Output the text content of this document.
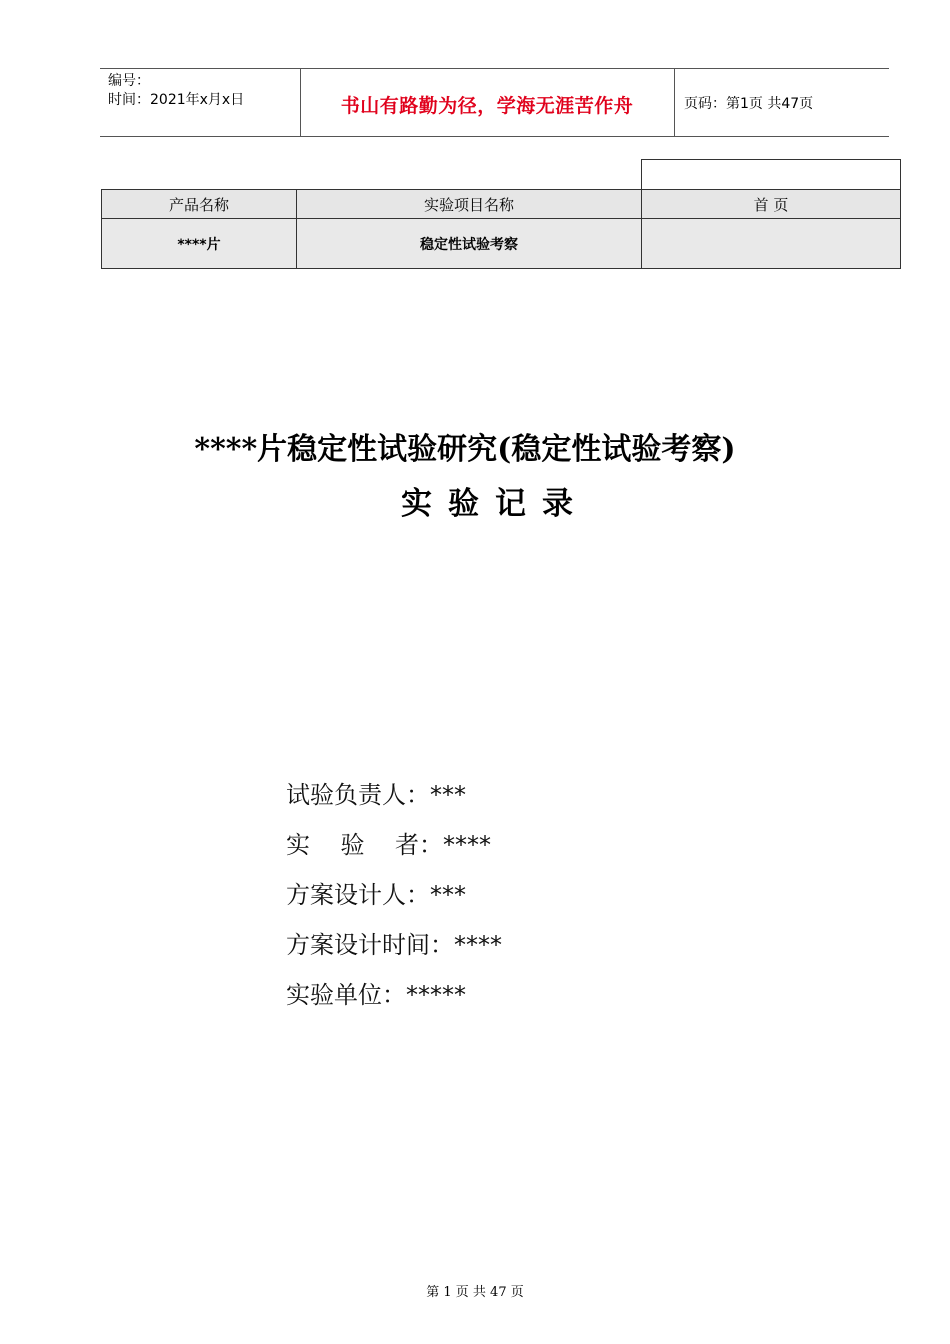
编号：
时间：2021年x月x日	书山有路勤为径，学海无涯苦作舟	页码：第1页 共47页
产品名称	实验项目名称	首 页
****片	稳定性试验考察	
****片稳定性试验研究(稳定性试验考察)
实验记录
试验负责人：***
实    验    者：****
方案设计人：***
方案设计时间：****
实验单位：*****
第 1 页 共 47 页
